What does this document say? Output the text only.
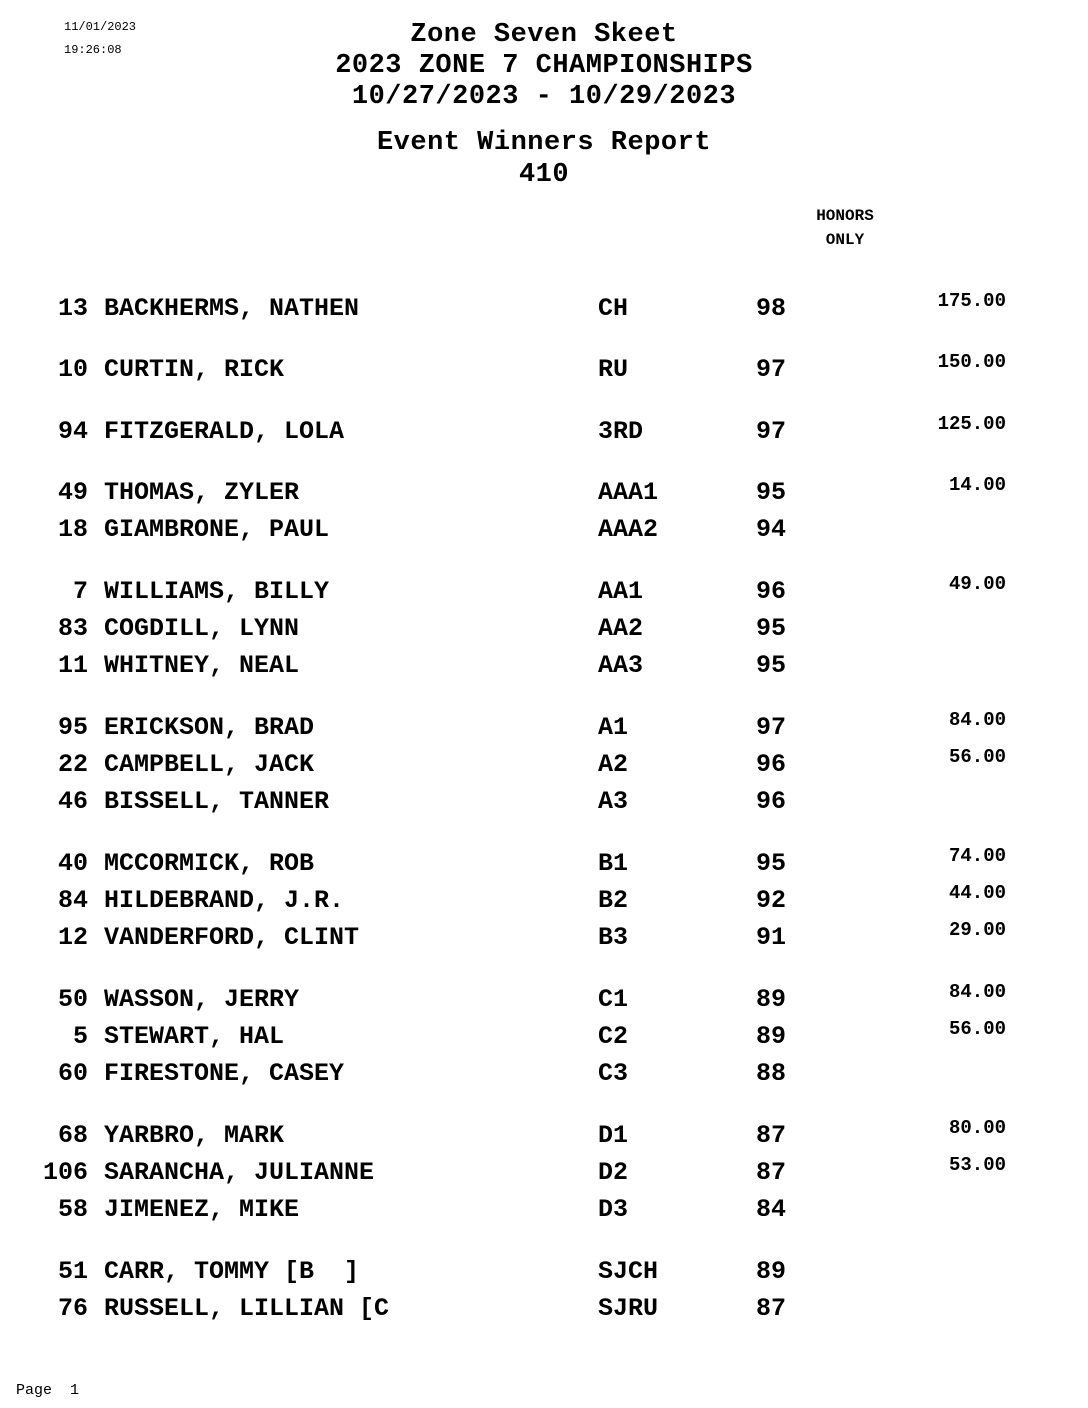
11/01/2023
19:26:08	Zone Seven Skeet
2023 ZONE 7 CHAMPIONSHIPS
10/27/2023 - 10/29/2023
Event Winners Report
410
HONORS
ONLY
13 BACKHERMS, NATHEN	CH	98	175.00
10 CURTIN, RICK	RU	97	150.00
94 FITZGERALD, LOLA	3RD	97	125.00
49 THOMAS, ZYLER	AAA1	95	14.00
18 GIAMBRONE, PAUL	AAA2	94
7 WILLIAMS, BILLY	AA1	96	49.00
83 COGDILL, LYNN	AA2	95
11 WHITNEY, NEAL	AA3	95
95 ERICKSON, BRAD	A1	97	84.00
22 CAMPBELL, JACK	A2	96	56.00
46 BISSELL, TANNER	A3	96
40 MCCORMICK, ROB	B1	95	74.00
84 HILDEBRAND, J.R.	B2	92	44.00
12 VANDERFORD, CLINT	B3	91	29.00
50 WASSON, JERRY	C1	89	84.00
5 STEWART, HAL	C2	89	56.00
60 FIRESTONE, CASEY	C3	88
68 YARBRO, MARK	D1	87	80.00
106 SARANCHA, JULIANNE	D2	87	53.00
58 JIMENEZ, MIKE	D3	84
51 CARR, TOMMY [B  ]	SJCH	89
76 RUSSELL, LILLIAN [C	SJRU	87
Page 1
